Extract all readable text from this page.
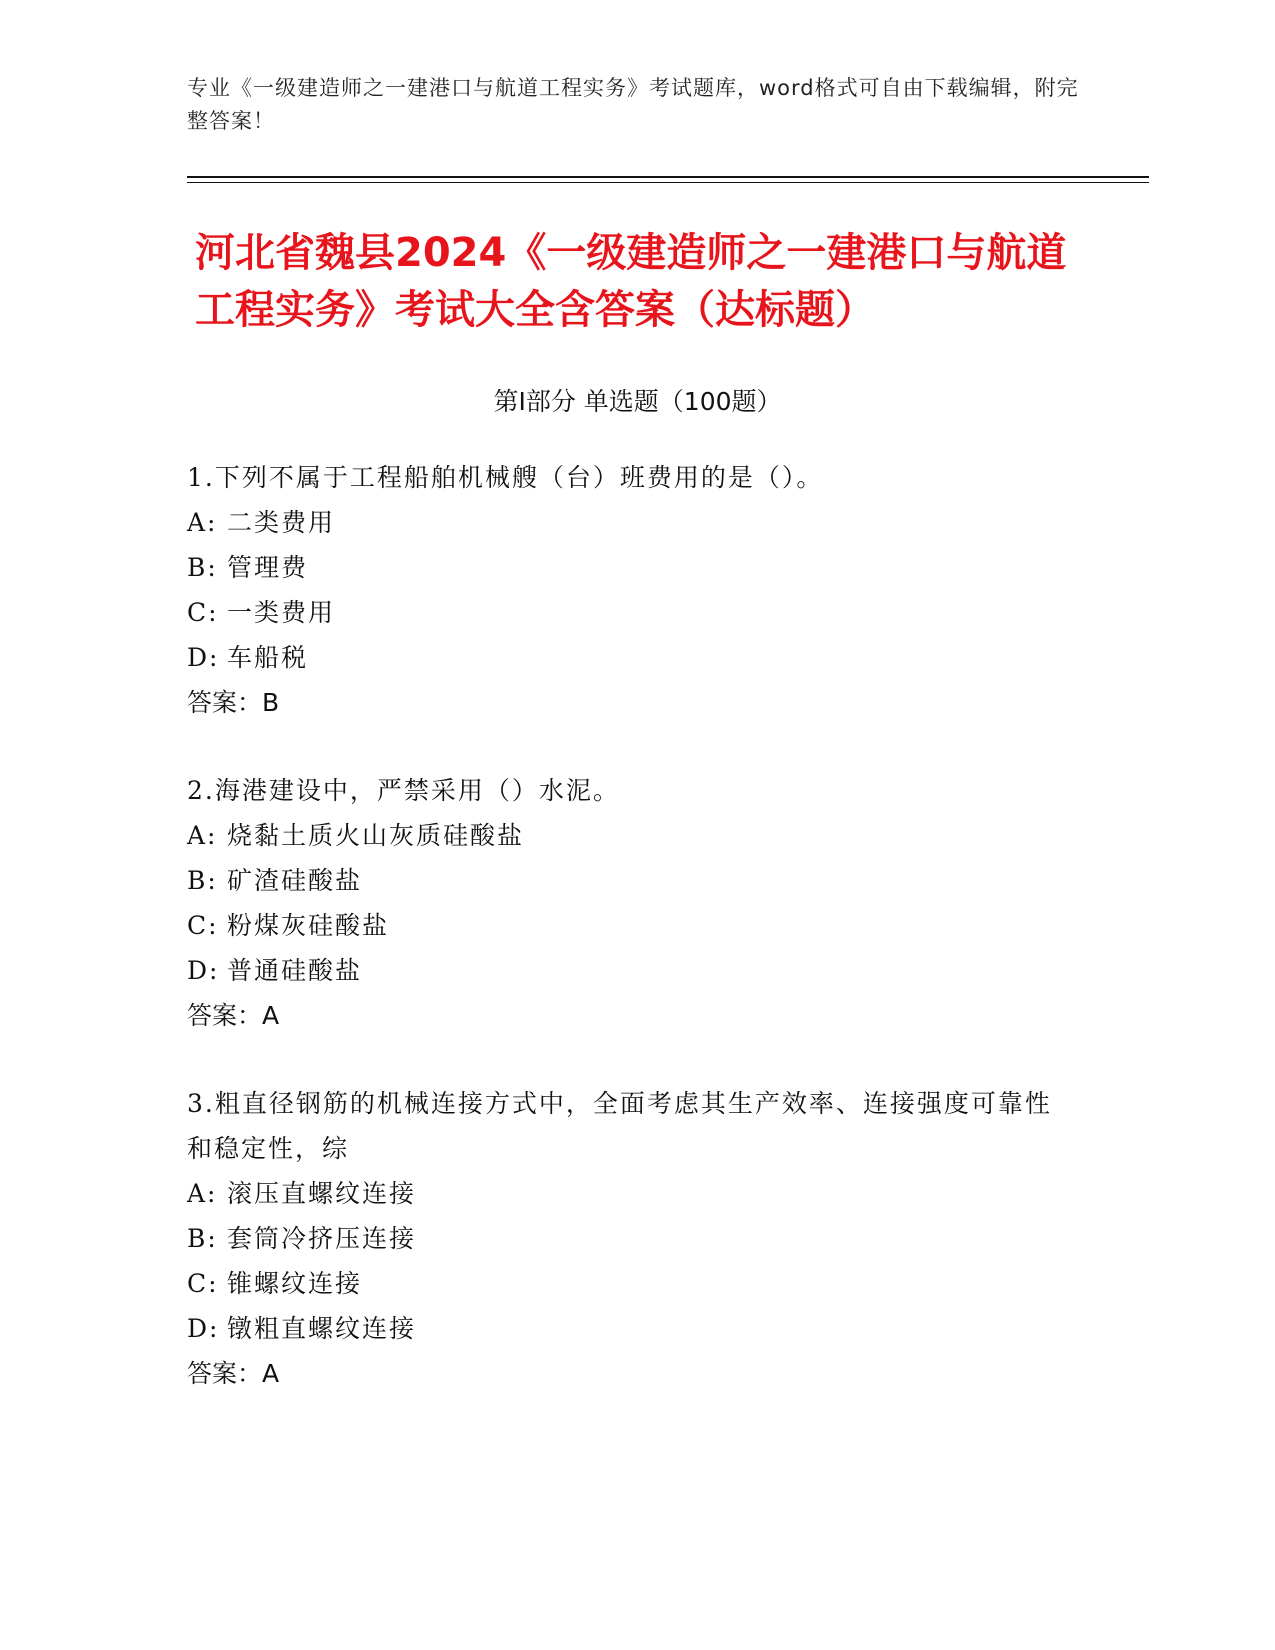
专业《一级建造师之一建港口与航道工程实务》考试题库，word格式可自由下载编辑，附完整答案！
河北省魏县2024《一级建造师之一建港口与航道工程实务》考试大全含答案（达标题）
第Ⅰ部分 单选题（100题）
1.下列不属于工程船舶机械艘（台）班费用的是（）。
A: 二类费用
B: 管理费
C: 一类费用
D: 车船税
答案：B
2.海港建设中，严禁采用（）水泥。
A: 烧黏土质火山灰质硅酸盐
B: 矿渣硅酸盐
C: 粉煤灰硅酸盐
D: 普通硅酸盐
答案：A
3.粗直径钢筋的机械连接方式中，全面考虑其生产效率、连接强度可靠性和稳定性，综
A: 滚压直螺纹连接
B: 套筒冷挤压连接
C: 锥螺纹连接
D: 镦粗直螺纹连接
答案：A
